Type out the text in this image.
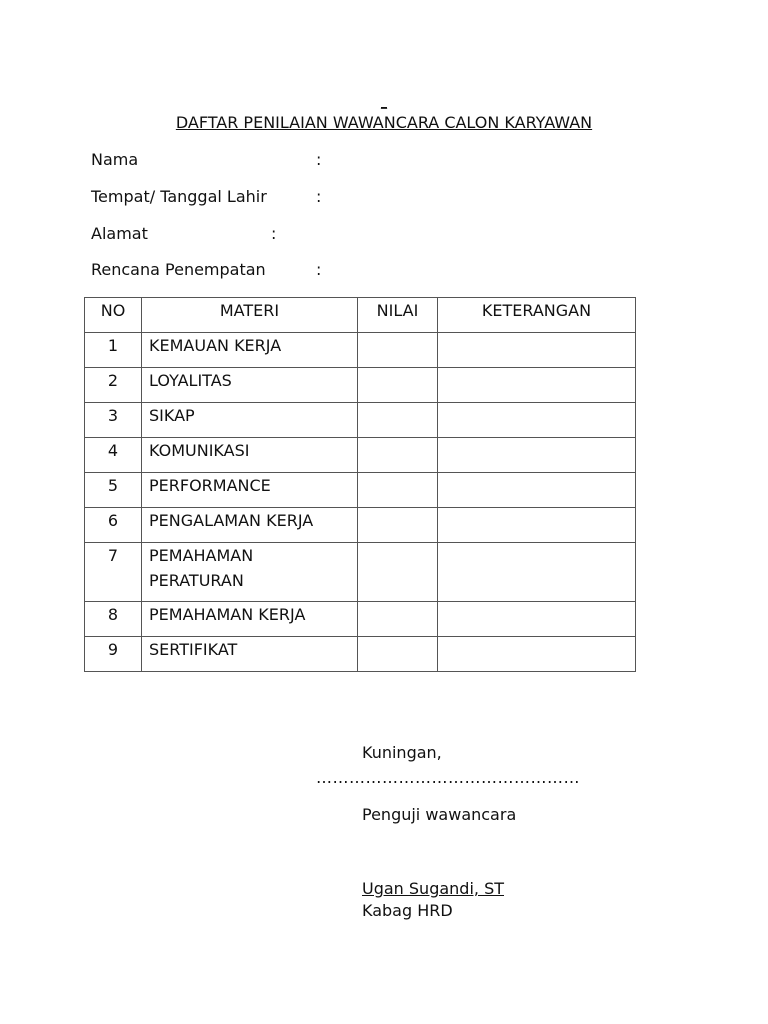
_
DAFTAR PENILAIAN WAWANCARA CALON KARYAWAN
Nama	:
Tempat/ Tanggal Lahir	:
Alamat	:
Rencana Penempatan	:
NO	MATERI	NILAI	KETERANGAN

1	KEMAUAN KERJA		

2	LOYALITAS		

3	SIKAP		

4	KOMUNIKASI		

5	PERFORMANCE		

6	PENGALAMAN KERJA		

7	PEMAHAMAN
PERATURAN		

8	PEMAHAMAN KERJA		

9	SERTIFIKAT		

Kuningan,
…………………………………………
Penguji wawancara
Ugan Sugandi, ST
Kabag HRD
